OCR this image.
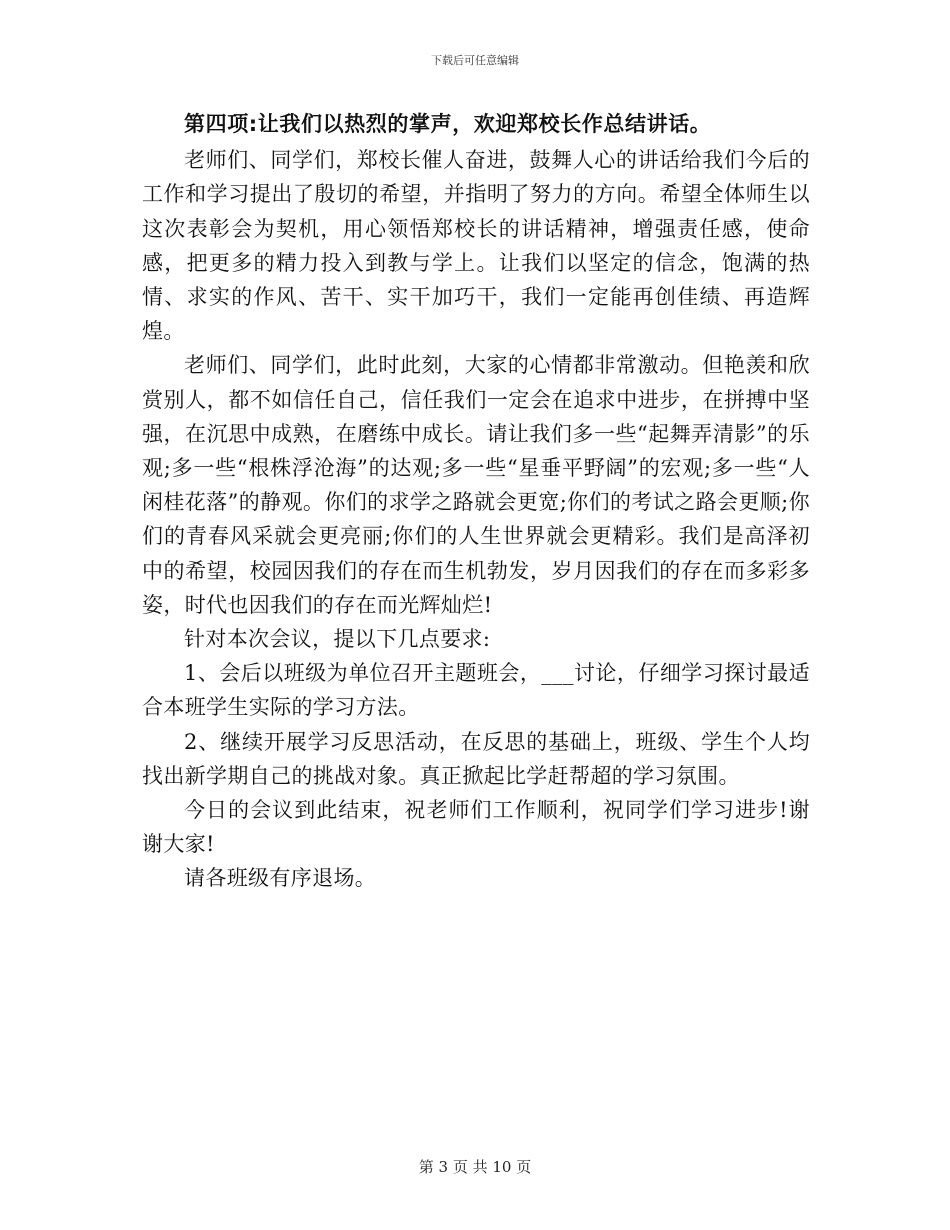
下载后可任意编辑

第四项:让我们以热烈的掌声，欢迎郑校长作总结讲话。

老师们、同学们，郑校长催人奋进，鼓舞人心的讲话给我们今后的工作和学习提出了殷切的希望，并指明了努力的方向。希望全体师生以这次表彰会为契机，用心领悟郑校长的讲话精神，增强责任感，使命感，把更多的精力投入到教与学上。让我们以坚定的信念，饱满的热情、求实的作风、苦干、实干加巧干，我们一定能再创佳绩、再造辉煌。

老师们、同学们，此时此刻，大家的心情都非常激动。但艳羡和欣赏别人，都不如信任自己，信任我们一定会在追求中进步，在拼搏中坚强，在沉思中成熟，在磨练中成长。请让我们多一些“起舞弄清影”的乐观;多一些“根株浮沧海”的达观;多一些“星垂平野阔”的宏观;多一些“人闲桂花落”的静观。你们的求学之路就会更宽;你们的考试之路会更顺;你们的青春风采就会更亮丽;你们的人生世界就会更精彩。我们是高泽初中的希望，校园因我们的存在而生机勃发，岁月因我们的存在而多彩多姿，时代也因我们的存在而光辉灿烂!

针对本次会议，提以下几点要求:

1、会后以班级为单位召开主题班会，___讨论，仔细学习探讨最适合本班学生实际的学习方法。

2、继续开展学习反思活动，在反思的基础上，班级、学生个人均找出新学期自己的挑战对象。真正掀起比学赶帮超的学习氛围。

今日的会议到此结束，祝老师们工作顺利，祝同学们学习进步!谢谢大家!

请各班级有序退场。

第 3 页 共 10 页
